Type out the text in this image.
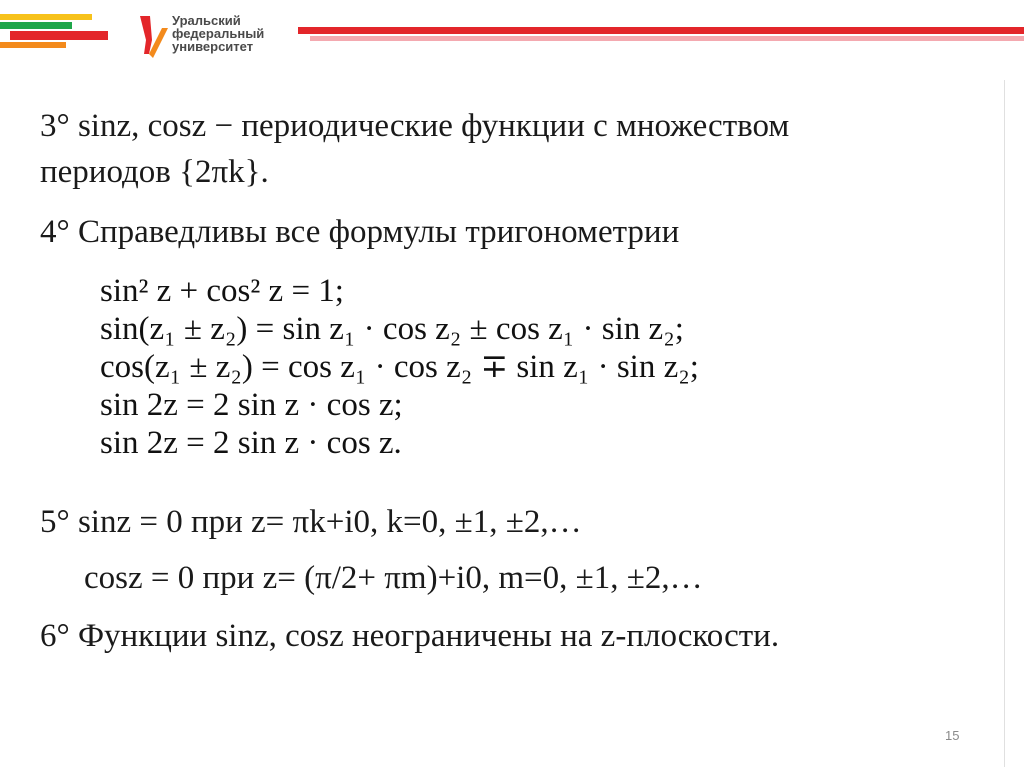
Уральский
федеральный
университет
3° sinz, cosz − периодические функции с множеством
периодов {2πk}.
4° Справедливы все формулы тригонометрии
sin² z + cos² z = 1;
sin(z₁ ± z₂) = sin z₁ · cos z₂ ± cos z₁ · sin z₂;
cos(z₁ ± z₂) = cos z₁ · cos z₂ ∓ sin z₁ · sin z₂;
sin 2z = 2 sin z · cos z;
sin 2z = 2 sin z · cos z.
5° sinz = 0 при z= πk+i0, k=0, ±1, ±2,…
cosz = 0 при z= (π/2+ πm)+i0, m=0, ±1, ±2,…
6° Функции sinz, cosz неограничены на z-плоскости.
15
